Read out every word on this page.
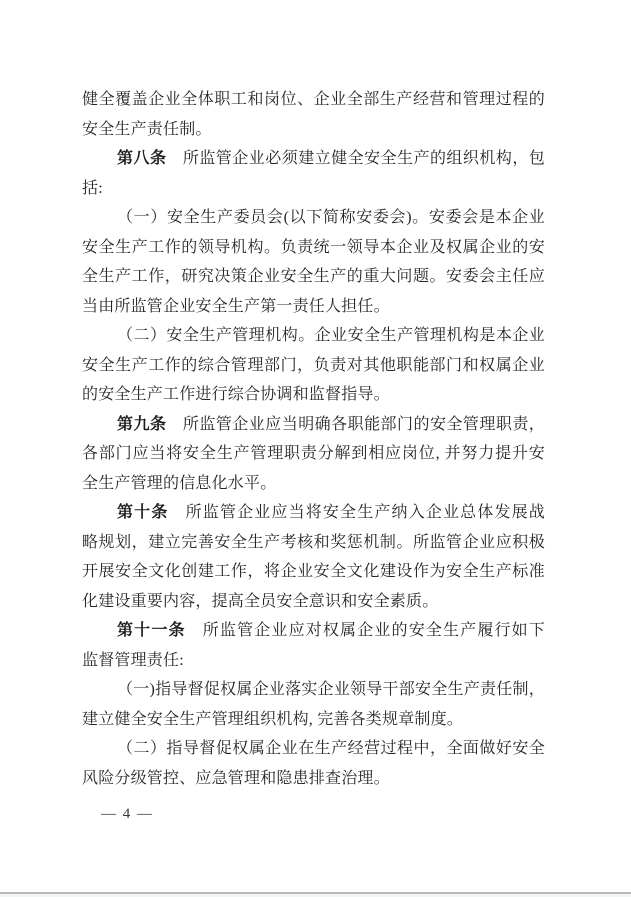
健全覆盖企业全体职工和岗位、企业全部生产经营和管理过程的
安全生产责任制。
第八条　所监管企业必须建立健全安全生产的组织机构，包
括:
（一）安全生产委员会(以下简称安委会)。安委会是本企业
安全生产工作的领导机构。负责统一领导本企业及权属企业的安
全生产工作，研究决策企业安全生产的重大问题。安委会主任应
当由所监管企业安全生产第一责任人担任。
（二）安全生产管理机构。企业安全生产管理机构是本企业
安全生产工作的综合管理部门，负责对其他职能部门和权属企业
的安全生产工作进行综合协调和监督指导。
第九条　所监管企业应当明确各职能部门的安全管理职责，
各部门应当将安全生产管理职责分解到相应岗位, 并努力提升安
全生产管理的信息化水平。
第十条　所监管企业应当将安全生产纳入企业总体发展战
略规划，建立完善安全生产考核和奖惩机制。所监管企业应积极
开展安全文化创建工作，将企业安全文化建设作为安全生产标准
化建设重要内容，提高全员安全意识和安全素质。
第十一条　所监管企业应对权属企业的安全生产履行如下
监督管理责任:
（一)指导督促权属企业落实企业领导干部安全生产责任制，
建立健全安全生产管理组织机构, 完善各类规章制度。
（二）指导督促权属企业在生产经营过程中，全面做好安全
风险分级管控、应急管理和隐患排查治理。
— 4 —
